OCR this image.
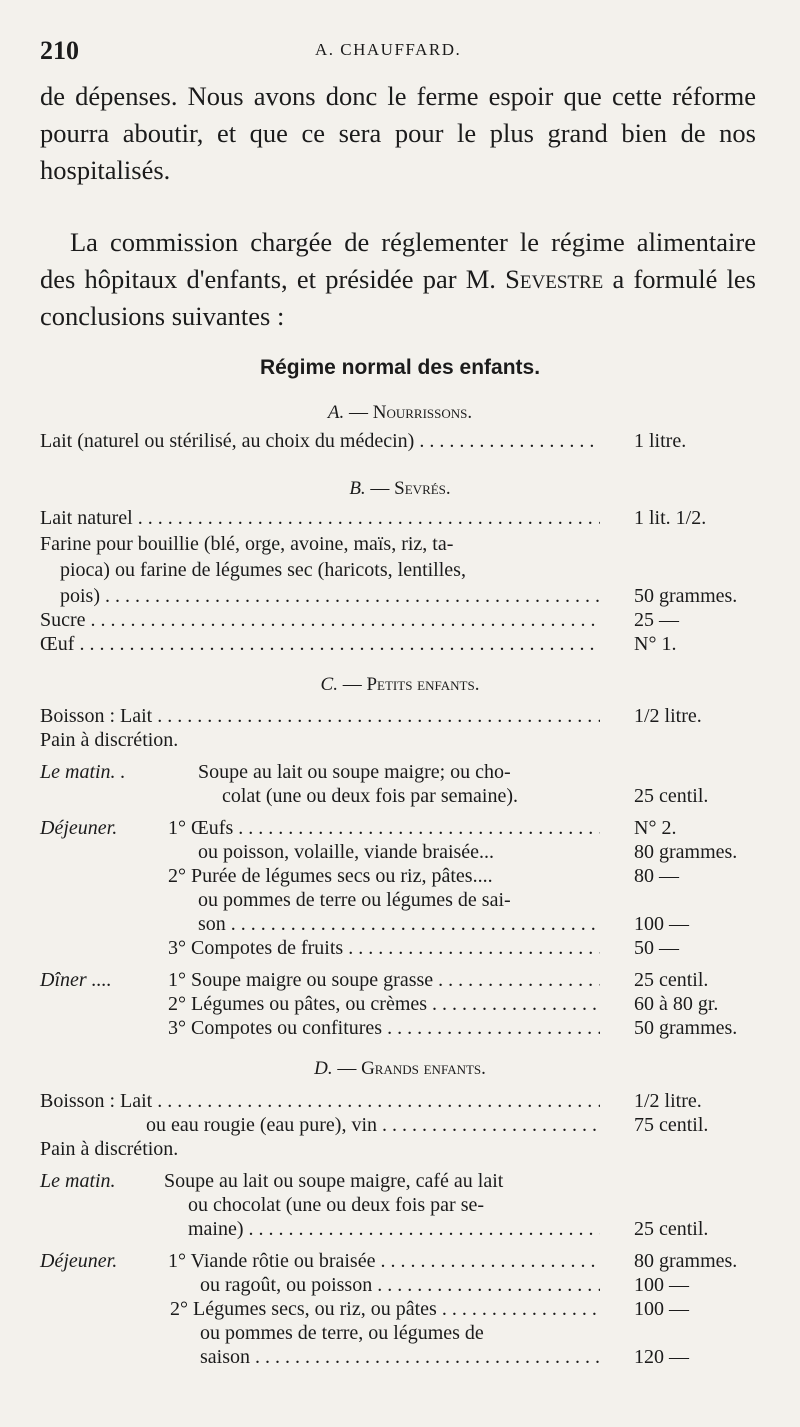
210	A. CHAUFFARD.

de dépenses. Nous avons donc le ferme espoir que cette réforme pourra aboutir, et que ce sera pour le plus grand bien de nos hospitalisés.

La commission chargée de réglementer le régime alimentaire des hôpitaux d'enfants, et présidée par M. Sevestre a formulé les conclusions suivantes :
Régime normal des enfants.
A. — Nourrissons.
B. — Sevrés.
C. — Petits enfants.
D. — Grands enfants.
Lait (naturel ou stérilisé, au choix du médecin) . . .	1 litre.
Lait naturel . . .	1 lit. 1/2.
Farine pour bouillie (blé, orge, avoine, maïs, riz, ta-
pioca) ou farine de légumes sec (haricots, lentilles,
pois) . . .	50 grammes.
Sucre . . .	25 —
Œuf . . .	N° 1.
Boisson : Lait . . .	1/2 litre.
Pain à discrétion.
Le matin. .	Soupe au lait ou soupe maigre; ou cho-
colat (une ou deux fois par semaine).	25 centil.
Déjeuner.	1° Œufs . . .	N° 2.
ou poisson, volaille, viande braisée...	80 grammes.
2° Purée de légumes secs ou riz, pâtes....	80 —
ou pommes de terre ou légumes de sai-
son . . .	100 —
3° Compotes de fruits . . .	50 —
Dîner ....	1° Soupe maigre ou soupe grasse . . .	25 centil.
2° Légumes ou pâtes, ou crèmes . . .	60 à 80 gr.
3° Compotes ou confitures . . .	50 grammes.
Boisson : Lait . . .	1/2 litre.
ou eau rougie (eau pure), vin . . .	75 centil.
Pain à discrétion.
Le matin. Soupe au lait ou soupe maigre, café au lait
ou chocolat (une ou deux fois par se-
maine) . . .	25 centil.
Déjeuner.	1° Viande rôtie ou braisée . . .	80 grammes.
ou ragoût, ou poisson . . .	100 —
2° Légumes secs, ou riz, ou pâtes . . .	100 —
ou pommes de terre, ou légumes de
saison . . .	120 —
